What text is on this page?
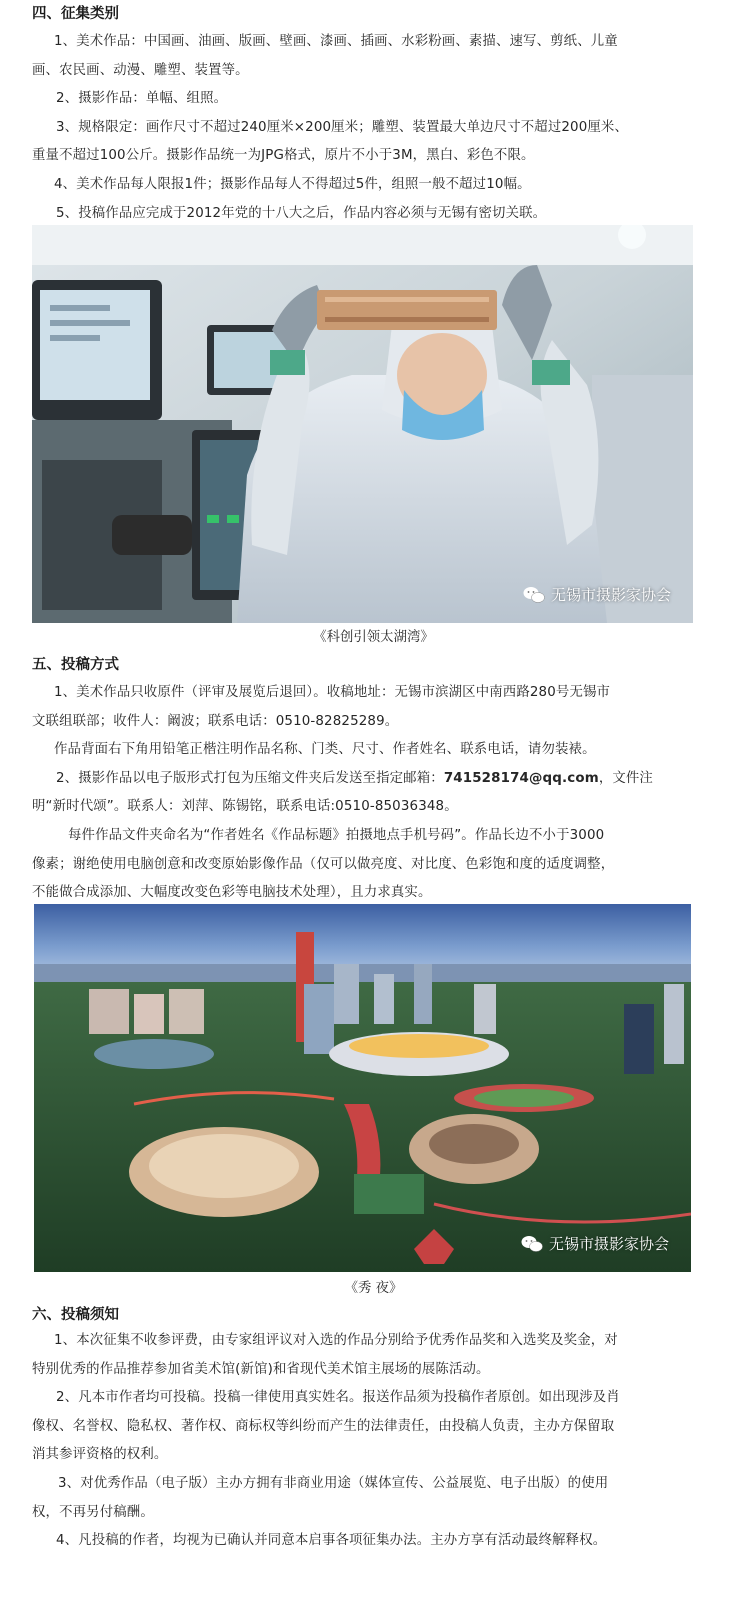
四、征集类别
1、美术作品：中国画、油画、版画、壁画、漆画、插画、水彩粉画、素描、速写、剪纸、儿童
画、农民画、动漫、雕塑、装置等。
2、摄影作品：单幅、组照。
3、规格限定：画作尺寸不超过240厘米×200厘米；雕塑、装置最大单边尺寸不超过200厘米、
重量不超过100公斤。摄影作品统一为JPG格式，原片不小于3M，黑白、彩色不限。
4、美术作品每人限报1件；摄影作品每人不得超过5件，组照一般不超过10幅。
5、投稿作品应完成于2012年党的十八大之后，作品内容必须与无锡有密切关联。
无锡市摄影家协会
《科创引领太湖湾》
五、投稿方式
1、美术作品只收原件（评审及展览后退回）。收稿地址：无锡市滨湖区中南西路280号无锡市
文联组联部；收件人：阚波；联系电话：0510-82825289。
作品背面右下角用铅笔正楷注明作品名称、门类、尺寸、作者姓名、联系电话，请勿装裱。
2、摄影作品以电子版形式打包为压缩文件夹后发送至指定邮箱：741528174@qq.com，文件注
明“新时代颂”。联系人：刘萍、陈锡铭，联系电话:0510-85036348。
每件作品文件夹命名为“作者姓名《作品标题》拍摄地点手机号码”。作品长边不小于3000
像素；谢绝使用电脑创意和改变原始影像作品（仅可以做亮度、对比度、色彩饱和度的适度调整，
不能做合成添加、大幅度改变色彩等电脑技术处理），且力求真实。
无锡市摄影家协会
《秀 夜》
六、投稿须知
1、本次征集不收参评费，由专家组评议对入选的作品分别给予优秀作品奖和入选奖及奖金，对
特别优秀的作品推荐参加省美术馆(新馆)和省现代美术馆主展场的展陈活动。
2、凡本市作者均可投稿。投稿一律使用真实姓名。报送作品须为投稿作者原创。如出现涉及肖
像权、名誉权、隐私权、著作权、商标权等纠纷而产生的法律责任，由投稿人负责，主办方保留取
消其参评资格的权利。
3、对优秀作品（电子版）主办方拥有非商业用途（媒体宣传、公益展览、电子出版）的使用
权，不再另付稿酬。
4、凡投稿的作者，均视为已确认并同意本启事各项征集办法。主办方享有活动最终解释权。
